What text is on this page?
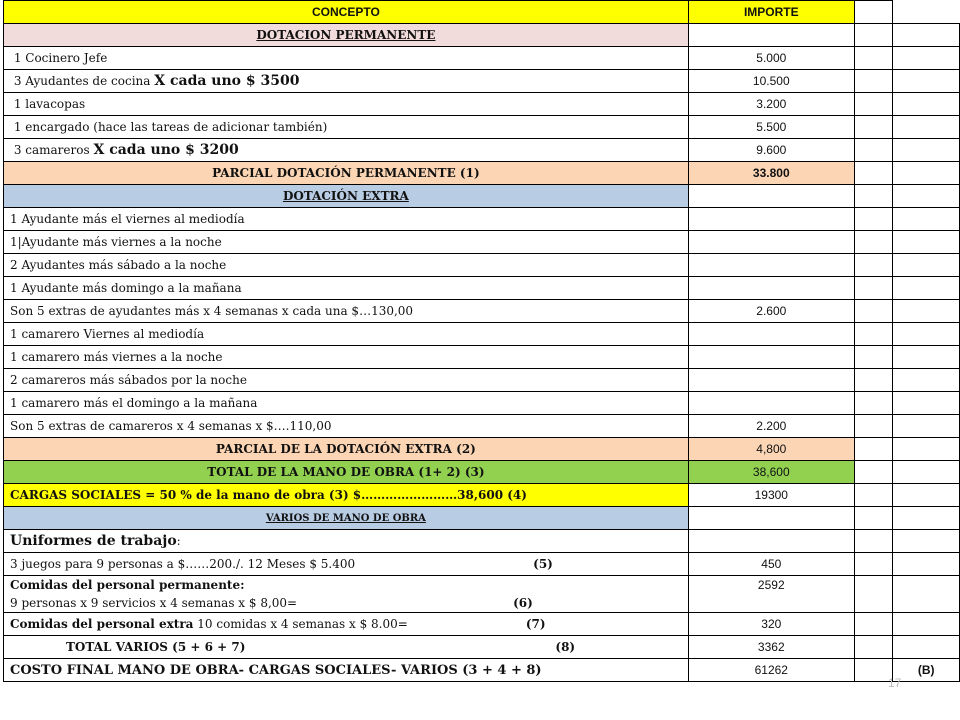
CONCEPTO	IMPORTE		
DOTACION PERMANENTE			
1 Cocinero Jefe	5.000		
3 Ayudantes de cocina X cada uno $ 3500	10.500		
1 lavacopas	3.200		
1 encargado (hace las tareas de adicionar también)	5.500		
3 camareros X cada uno $ 3200	9.600		
PARCIAL DOTACIÓN PERMANENTE (1)	33.800		
DOTACIÓN EXTRA			
1 Ayudante más el viernes al mediodía			
1|Ayudante más viernes a la noche			
2 Ayudantes más sábado a la noche			
1 Ayudante más domingo a la mañana			
Son 5 extras de ayudantes más x 4 semanas x cada una $…130,00	2.600		
1 camarero Viernes al mediodía			
1 camarero más viernes a la noche			
2 camareros más sábados por la noche			
1 camarero más el domingo a la mañana			
Son 5 extras de camareros x 4 semanas x $….110,00	2.200		
PARCIAL DE LA DOTACIÓN EXTRA (2)	4,800		
TOTAL DE LA MANO DE OBRA (1+ 2) (3)	38,600		
CARGAS SOCIALES = 50 % de la mano de obra (3) $……………………38,600 (4)	19300		
VARIOS DE MANO DE OBRA			
Uniformes de trabajo:			
3 juegos para 9 personas a $……200./. 12 Meses $ 5.400 (5)	450		
Comidas del personal permanente:
9 personas x 9 servicios x 4 semanas x $ 8,00= (6)	2592		
Comidas del personal extra 10 comidas x 4 semanas x $ 8.00= (7)	320		
TOTAL VARIOS (5 + 6 + 7) (8)	3362		
COSTO FINAL MANO DE OBRA- CARGAS SOCIALES- VARIOS (3 + 4 + 8)	61262		(B)
17
